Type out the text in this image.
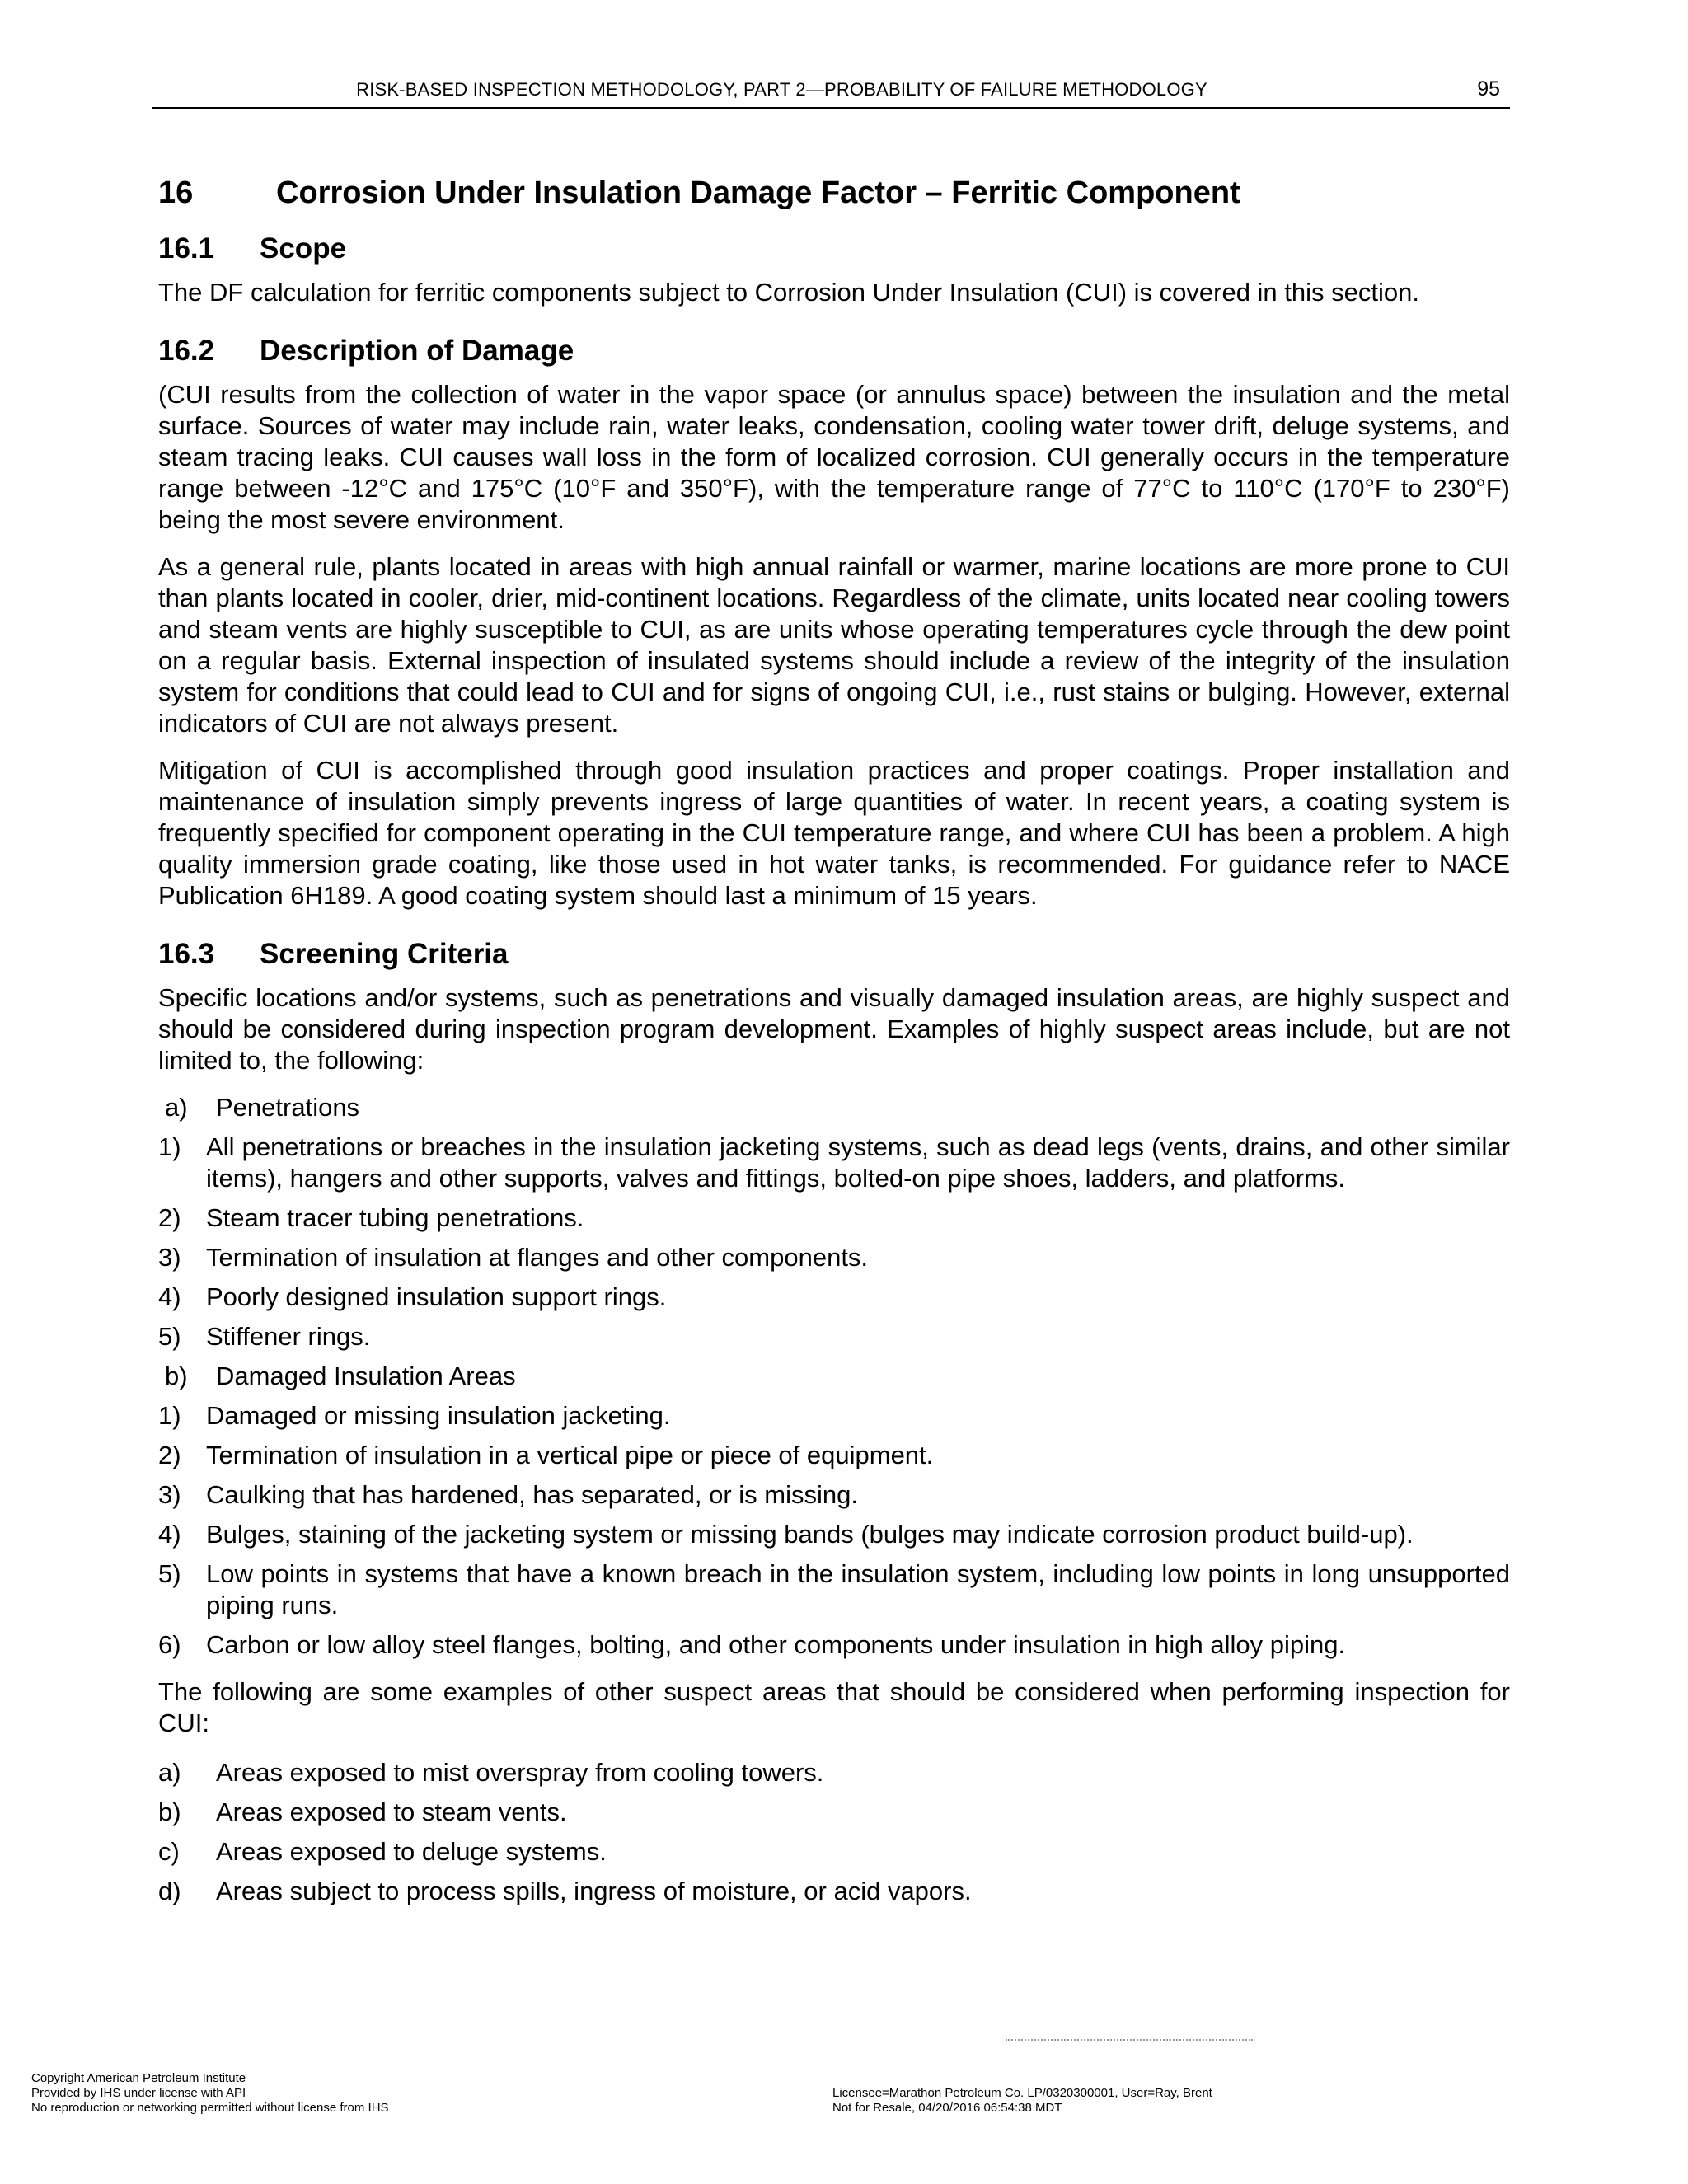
RISK-BASED INSPECTION METHODOLOGY, PART 2—PROBABILITY OF FAILURE METHODOLOGY	95
16	Corrosion Under Insulation Damage Factor – Ferritic Component
16.1 Scope

The DF calculation for ferritic components subject to Corrosion Under Insulation (CUI) is covered in this section.

16.2 Description of Damage

(CUI results from the collection of water in the vapor space (or annulus space) between the insulation and the metal surface. Sources of water may include rain, water leaks, condensation, cooling water tower drift, deluge systems, and steam tracing leaks. CUI causes wall loss in the form of localized corrosion. CUI generally occurs in the temperature range between -12°C and 175°C (10°F and 350°F), with the temperature range of 77°C to 110°C (170°F to 230°F) being the most severe environment.

As a general rule, plants located in areas with high annual rainfall or warmer, marine locations are more prone to CUI than plants located in cooler, drier, mid-continent locations. Regardless of the climate, units located near cooling towers and steam vents are highly susceptible to CUI, as are units whose operating temperatures cycle through the dew point on a regular basis. External inspection of insulated systems should include a review of the integrity of the insulation system for conditions that could lead to CUI and for signs of ongoing CUI, i.e., rust stains or bulging. However, external indicators of CUI are not always present.

Mitigation of CUI is accomplished through good insulation practices and proper coatings. Proper installation and maintenance of insulation simply prevents ingress of large quantities of water. In recent years, a coating system is frequently specified for component operating in the CUI temperature range, and where CUI has been a problem. A high quality immersion grade coating, like those used in hot water tanks, is recommended. For guidance refer to NACE Publication 6H189. A good coating system should last a minimum of 15 years.

16.3 Screening Criteria

Specific locations and/or systems, such as penetrations and visually damaged insulation areas, are highly suspect and should be considered during inspection program development. Examples of highly suspect areas include, but are not limited to, the following:

a)	Penetrations
1) All penetrations or breaches in the insulation jacketing systems, such as dead legs (vents, drains, and other similar items), hangers and other supports, valves and fittings, bolted-on pipe shoes, ladders, and platforms.
2) Steam tracer tubing penetrations.
3) Termination of insulation at flanges and other components.
4) Poorly designed insulation support rings.
5) Stiffener rings.
b)	Damaged Insulation Areas
1) Damaged or missing insulation jacketing.
2) Termination of insulation in a vertical pipe or piece of equipment.
3) Caulking that has hardened, has separated, or is missing.
4) Bulges, staining of the jacketing system or missing bands (bulges may indicate corrosion product build-up).
5) Low points in systems that have a known breach in the insulation system, including low points in long unsupported piping runs.
6) Carbon or low alloy steel flanges, bolting, and other components under insulation in high alloy piping.

The following are some examples of other suspect areas that should be considered when performing inspection for CUI:

a)	Areas exposed to mist overspray from cooling towers.
b)	Areas exposed to steam vents.
c)	Areas exposed to deluge systems.
d)	Areas subject to process spills, ingress of moisture, or acid vapors.
Copyright American Petroleum Institute
Provided by IHS under license with API
No reproduction or networking permitted without license from IHS
Licensee=Marathon Petroleum Co. LP/0320300001, User=Ray, Brent
Not for Resale, 04/20/2016 06:54:38 MDT
